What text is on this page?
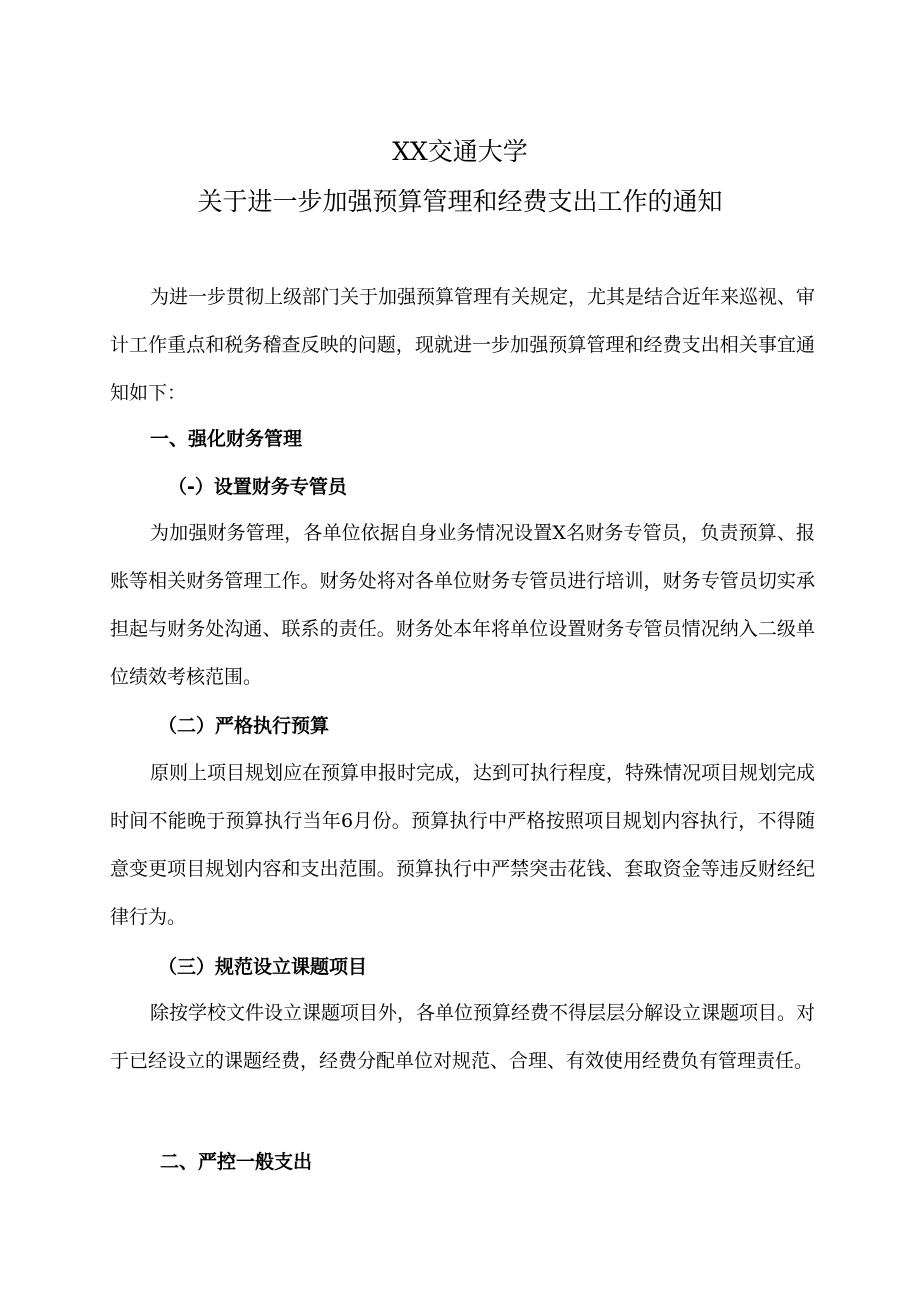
XX交通大学
关于进一步加强预算管理和经费支出工作的通知

为进一步贯彻上级部门关于加强预算管理有关规定，尤其是结合近年来巡视、审计工作重点和税务稽查反映的问题，现就进一步加强预算管理和经费支出相关事宜通知如下：

一、强化财务管理
（-）设置财务专管员

为加强财务管理，各单位依据自身业务情况设置X名财务专管员，负责预算、报账等相关财务管理工作。财务处将对各单位财务专管员进行培训，财务专管员切实承担起与财务处沟通、联系的责任。财务处本年将单位设置财务专管员情况纳入二级单位绩效考核范围。

（二）严格执行预算

原则上项目规划应在预算申报时完成，达到可执行程度，特殊情况项目规划完成时间不能晚于预算执行当年6月份。预算执行中严格按照项目规划内容执行，不得随意变更项目规划内容和支出范围。预算执行中严禁突击花钱、套取资金等违反财经纪律行为。

（三）规范设立课题项目

除按学校文件设立课题项目外，各单位预算经费不得层层分解设立课题项目。对于已经设立的课题经费，经费分配单位对规范、合理、有效使用经费负有管理责任。

二、严控一般支出
